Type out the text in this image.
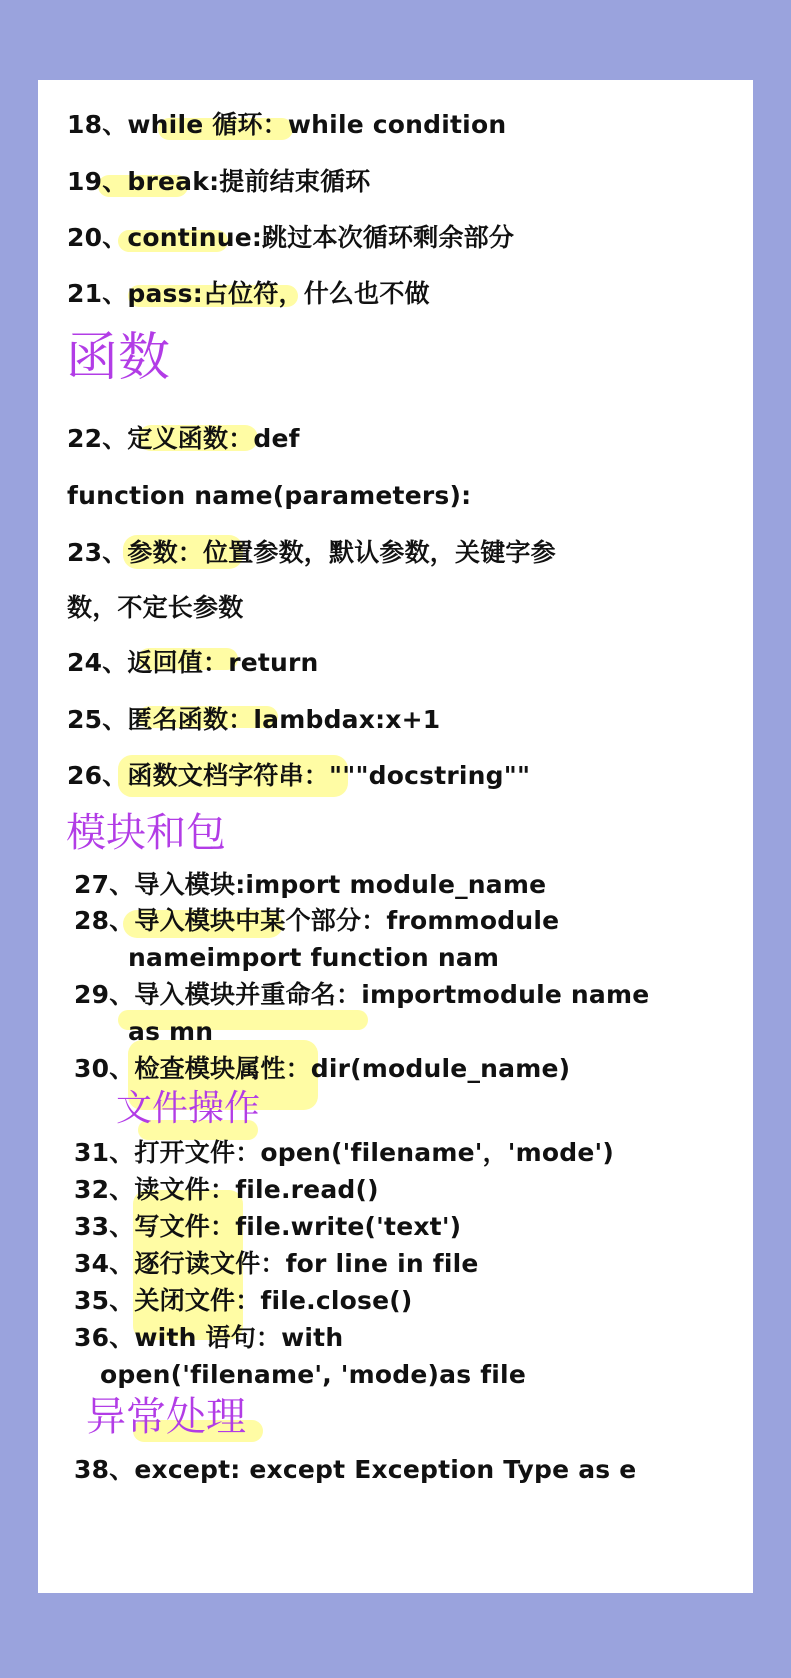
18、while 循环：while condition
19、break:提前结束循环
20、continue:跳过本次循环剩余部分
21、pass:占位符，什么也不做
函数
22、定义函数：def
function name(parameters):
23、参数：位置参数，默认参数，关键字参
数，不定长参数
24、返回值：return
25、匿名函数：lambdax:x+1
26、函数文档字符串："""docstring""
模块和包
27、导入模块:import module_name
28、导入模块中某个部分：frommodule
nameimport function nam
29、导入模块并重命名：importmodule name
as mn
30、检查模块属性：dir(module_name)
文件操作
31、打开文件：open('filename'，'mode')
32、读文件：file.read()
33、写文件：file.write('text')
34、逐行读文件：for line in file
35、关闭文件：file.close()
36、with 语句：with
open('filename', 'mode)as file
异常处理
38、except: except Exception Type as e
